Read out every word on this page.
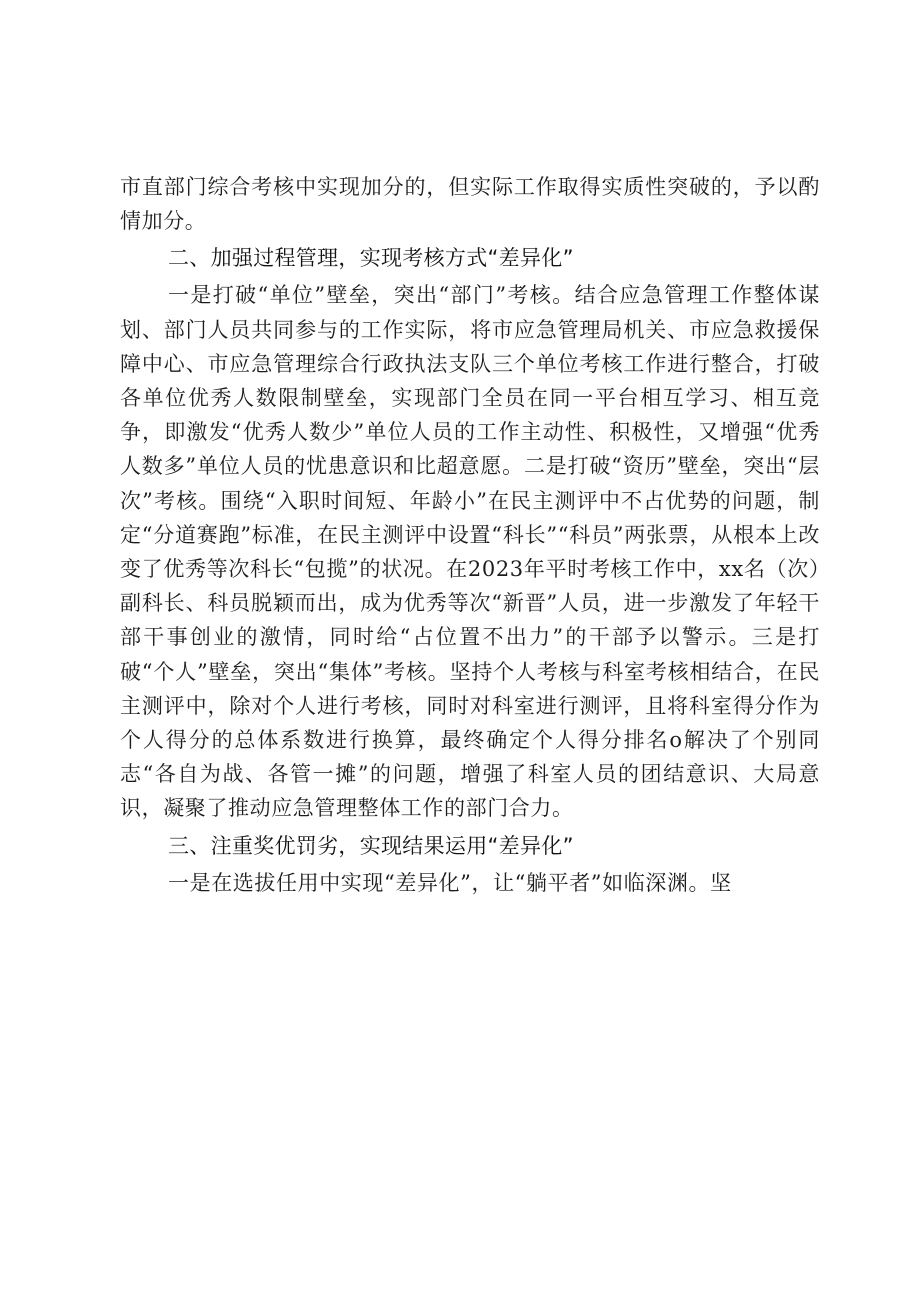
市直部门综合考核中实现加分的，但实际工作取得实质性突破的，予以酌情加分。

二、加强过程管理，实现考核方式“差异化”

一是打破“单位”壁垒，突出“部门”考核。结合应急管理工作整体谋划、部门人员共同参与的工作实际，将市应急管理局机关、市应急救援保障中心、市应急管理综合行政执法支队三个单位考核工作进行整合，打破各单位优秀人数限制壁垒，实现部门全员在同一平台相互学习、相互竞争，即激发“优秀人数少”单位人员的工作主动性、积极性，又增强“优秀人数多”单位人员的忧患意识和比超意愿。二是打破“资历”壁垒，突出“层次”考核。围绕“入职时间短、年龄小”在民主测评中不占优势的问题，制定“分道赛跑”标准，在民主测评中设置“科长”“科员”两张票，从根本上改变了优秀等次科长“包揽”的状况。在2023年平时考核工作中，xx名（次）副科长、科员脱颖而出，成为优秀等次“新晋”人员，进一步激发了年轻干部干事创业的激情，同时给“占位置不出力”的干部予以警示。三是打破“个人”壁垒，突出“集体”考核。坚持个人考核与科室考核相结合，在民主测评中，除对个人进行考核，同时对科室进行测评，且将科室得分作为个人得分的总体系数进行换算，最终确定个人得分排名o解决了个别同志“各自为战、各管一摊”的问题，增强了科室人员的团结意识、大局意识，凝聚了推动应急管理整体工作的部门合力。

三、注重奖优罚劣，实现结果运用“差异化”

一是在选拔任用中实现“差异化”，让“躺平者”如临深渊。坚
